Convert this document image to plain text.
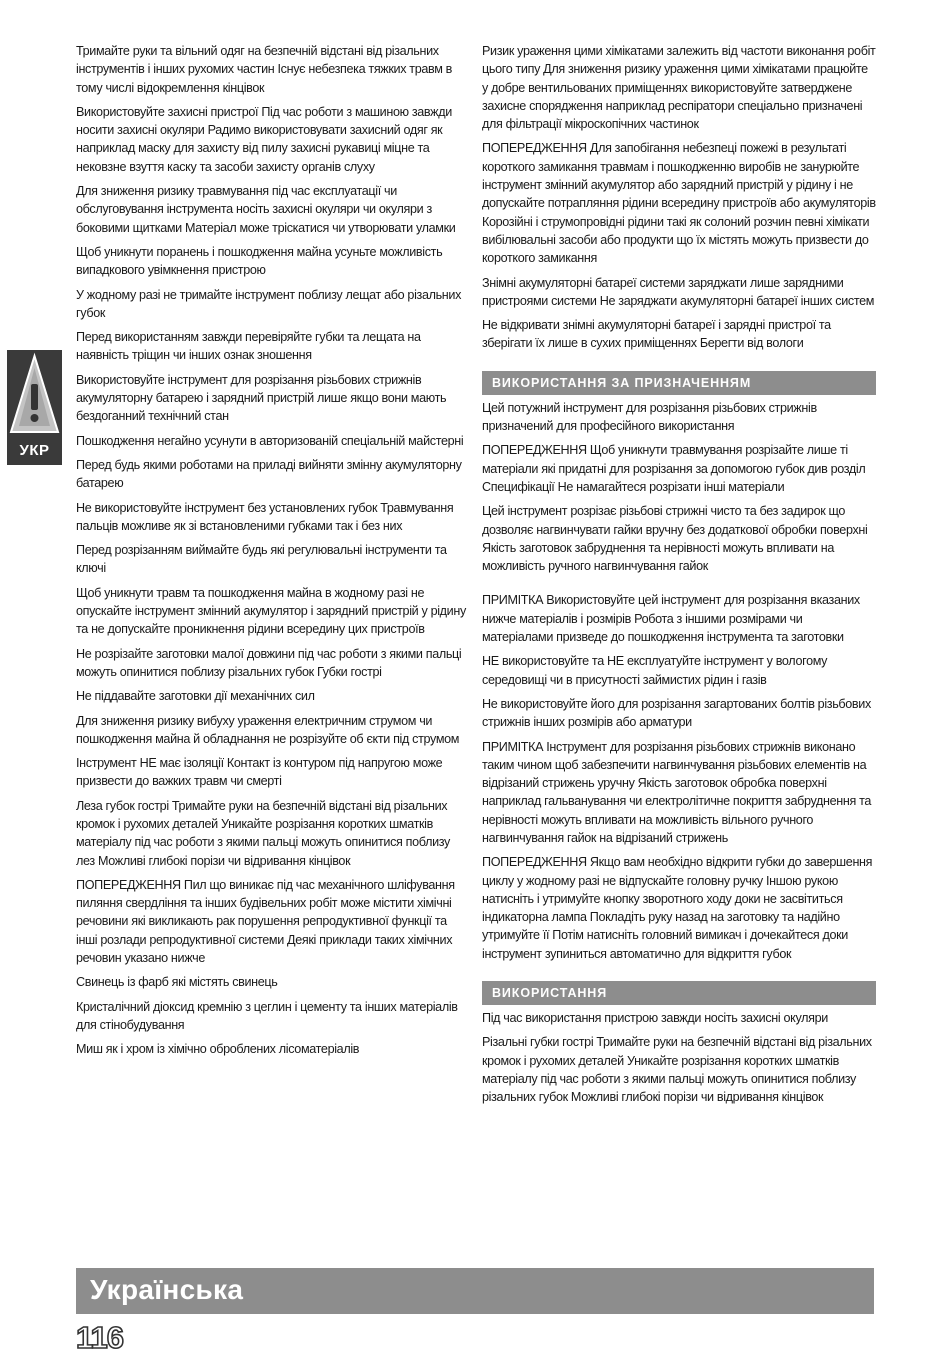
УКР

Тримайте руки та вільний одяг на безпечній відстані від різальних інструментів і інших рухомих частин Існує небезпека тяжких травм в тому числі відокремлення кінцівок

Використовуйте захисні пристрої Під час роботи з машиною завжди носити захисні окуляри Радимо використовувати захисний одяг як наприклад маску для захисту від пилу захисні рукавиці міцне та нековзне взуття каску та засоби захисту органів слуху

Для зниження ризику травмування під час експлуатації чи обслуговування інструмента носіть захисні окуляри чи окуляри з боковими щитками Матеріал може тріскатися чи утворювати уламки

Щоб уникнути поранень і пошкодження майна усуньте можливість випадкового увімкнення пристрою

У жодному разі не тримайте інструмент поблизу лещат або різальних губок

Перед використанням завжди перевіряйте губки та лещата на наявність тріщин чи інших ознак зношення

Використовуйте інструмент для розрізання різьбових стрижнів акумуляторну батарею і зарядний пристрій лише якщо вони мають бездоганний технічний стан

Пошкодження негайно усунути в авторизованій спеціальній майстерні

Перед будь якими роботами на приладі вийняти змінну акумуляторну батарею

Не використовуйте інструмент без установлених губок Травмування пальців можливе як зі встановленими губками так і без них

Перед розрізанням виймайте будь які регулювальні інструменти та ключі

Щоб уникнути травм та пошкодження майна в жодному разі не опускайте інструмент змінний акумулятор і зарядний пристрій у рідину та не допускайте проникнення рідини всередину цих пристроїв

Не розрізайте заготовки малої довжини під час роботи з якими пальці можуть опинитися поблизу різальних губок Губки гострі

Не піддавайте заготовки дії механічних сил

Для зниження ризику вибуху ураження електричним струмом чи пошкодження майна й обладнання не розрізуйте об єкти під струмом

Інструмент НЕ має ізоляції Контакт із контуром під напругою може призвести до важких травм чи смерті

Леза губок гострі Тримайте руки на безпечній відстані від різальних кромок і рухомих деталей Уникайте розрізання коротких шматків матеріалу під час роботи з якими пальці можуть опинитися поблизу лез Можливі глибокі порізи чи відривання кінцівок

ПОПЕРЕДЖЕННЯ Пил що виникає під час механічного шліфування пиляння свердління та інших будівельних робіт може містити хімічні речовини які викликають рак порушення репродуктивної функції та інші розлади репродуктивної системи Деякі приклади таких хімічних речовин указано нижче

Свинець із фарб які містять свинець

Кристалічний діоксид кремнію з цеглин і цементу та інших матеріалів для стінобудування

Миш як і хром із хімічно оброблених лісоматеріалів

Ризик ураження цими хімікатами залежить від частоти виконання робіт цього типу Для зниження ризику ураження цими хімікатами працюйте у добре вентильованих приміщеннях використовуйте затверджене захисне спорядження наприклад респіратори спеціально призначені для фільтрації мікроскопічних частинок

ПОПЕРЕДЖЕННЯ Для запобігання небезпеці пожежі в результаті короткого замикання травмам і пошкодженню виробів не занурюйте інструмент змінний акумулятор або зарядний пристрій у рідину і не допускайте потрапляння рідини всередину пристроїв або акумуляторів Корозійні і струмопровідні рідини такі як солоний розчин певні хімікати вибілювальні засоби або продукти що їх містять можуть призвести до короткого замикання

Знімні акумуляторні батареї системи заряджати лише зарядними пристроями системи Не заряджати акумуляторні батареї інших систем

Не відкривати знімні акумуляторні батареї і зарядні пристрої та зберігати їх лише в сухих приміщеннях Берегти від вологи

ВИКОРИСТАННЯ ЗА ПРИЗНАЧЕННЯМ

Цей потужний інструмент для розрізання різьбових стрижнів призначений для професійного використання

ПОПЕРЕДЖЕННЯ Щоб уникнути травмування розрізайте лише ті матеріали які придатні для розрізання за допомогою губок див розділ Специфікації Не намагайтеся розрізати інші матеріали

Цей інструмент розрізає різьбові стрижні чисто та без задирок що дозволяє нагвинчувати гайки вручну без додаткової обробки поверхні Якість заготовок забруднення та нерівності можуть впливати на можливість ручного нагвинчування гайок

ПРИМІТКА Використовуйте цей інструмент для розрізання вказаних нижче матеріалів і розмірів Робота з іншими розмірами чи матеріалами призведе до пошкодження інструмента та заготовки

НЕ використовуйте та НЕ експлуатуйте інструмент у вологому середовищі чи в присутності займистих рідин і газів

Не використовуйте його для розрізання загартованих болтів різьбових стрижнів інших розмірів або арматури

ПРИМІТКА Інструмент для розрізання різьбових стрижнів виконано таким чином щоб забезпечити нагвинчування різьбових елементів на відрізаний стрижень уручну Якість заготовок обробка поверхні наприклад гальванування чи електролітичне покриття забруднення та нерівності можуть впливати на можливість вільного ручного нагвинчування гайок на відрізаний стрижень

ПОПЕРЕДЖЕННЯ Якщо вам необхідно відкрити губки до завершення циклу у жодному разі не відпускайте головну ручку Іншою рукою натисніть і утримуйте кнопку зворотного ходу доки не засвітиться індикаторна лампа Покладіть руку назад на заготовку та надійно утримуйте її Потім натисніть головний вимикач і дочекайтеся доки інструмент зупиниться автоматично для відкриття губок

ВИКОРИСТАННЯ

Під час використання пристрою завжди носіть захисні окуляри

Різальні губки гострі Тримайте руки на безпечній відстані від різальних кромок і рухомих деталей Уникайте розрізання коротких шматків матеріалу під час роботи з якими пальці можуть опинитися поблизу різальних губок Можливі глибокі порізи чи відривання кінцівок

Українська
116
